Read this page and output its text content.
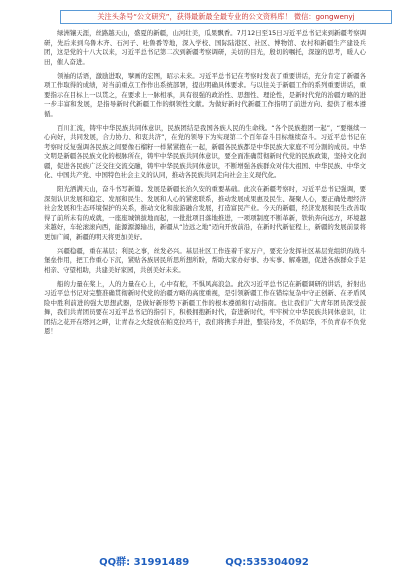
关注头条号“公文研究”，获得最新最全最专业的公文资料库！ 微信：gongwenyj

绿洲镶天涯，丝路越天山，盛夏的新疆，山河壮美，瓜果飘香。7月12日至15日习近平总书记来到新疆考察调研，先后来到乌鲁木齐、石河子、吐鲁番等地，深入学校、国际陆港区、社区、博物馆、农村和新疆生产建设兵团，这是党的十八大以来，习近平总书记第二次到新疆考察调研，关切的目光，殷切的嘱托，深邃的思考，暖人心田，催人奋进。

领袖的话语，激励进取，擘画的宏图，昭示未来。习近平总书记在考察时发表了重要讲话，充分肯定了新疆各项工作取得的成绩，对当前重点工作作出系统部署，提出明确具体要求。与以往关于新疆工作的系列重要讲话，重要指示在目标上一以贯之，在要求上一脉相承，具有很强的政治性、思想性、理论性，是新时代党的治疆方略的进一步丰富和发展，是指导新时代新疆工作的纲领性文献。为做好新时代新疆工作指明了前进方向、提供了根本遵循。

百川汇流，铸牢中华民族共同体意识，民族团结是我国各族人民的生命线。“各个民族抱团一起”，“要继续一心向好，共同发展，合力协力、和衷共济”，在党的领导下为实现第二个百年奋斗目标继续奋斗。习近平总书记在考察时反复强调各民族之间要像石榴籽一样紧紧抱在一起，新疆各民族都是中华民族大家庭不可分割的成员。中华文明是新疆各民族文化的根脉所在，铸牢中华民族共同体意识，要全面准确贯彻新时代党的民族政策，坚持文化润疆，促进各民族广泛交往交流交融，铸牢中华民族共同体意识，不断增强各族群众对伟大祖国、中华民族、中华文化、中国共产党、中国特色社会主义的认同，推动各民族共同走向社会主义现代化。

阳光洒满天山，奋斗书写新篇。发展是新疆长治久安的重要基础。此次在新疆考察时，习近平总书记强调，要深刻认识发展和稳定、发展和民生、发展和人心的紧密联系，推动发展成果惠及民生、凝聚人心，要正确处理经济社会发展和生态环境保护的关系，推动文化和旅游融合发展，打造富民产业。今天的新疆，经济发展和民生改善取得了前所未有的成就，一座座城镇拔地而起，一批批项目落地推进，一项项制度不断革新，铁轨奔向远方，环境越来越好，车轮滚滚向西，能源源源输出，新疆从“边远之地”迈向开放前沿，在新时代新征程上，新疆的发展前景将更加广阔，新疆的明天将更加美好。

兴疆稳疆，重在基层；利民之事，丝发必兴。基层社区工作连着千家万户，要充分发挥社区基层党组织的战斗堡垒作用，把工作重心下沉，紧贴各族居民所思所想所盼，帮助大家办好事、办实事、解难题，促进各族群众手足相亲、守望相助，共建美好家园，共创美好未来。

船的力量在桨上，人的力量在心上，心中有舵，不惧风高浪急。此次习近平总书记在新疆调研的讲话，折射出习近平总书记对完整准确贯彻新时代党的治疆方略的高度重视，是引领新疆工作在错综复杂中守正创新、在矛盾风险中胜利前进的强大思想武器，是做好新形势下新疆工作的根本遵循和行动指南。也让我们广大青年团员深受鼓舞，我们共青团员要在习近平总书记的指引下，积极拥抱新时代，奋进新时代，牢牢树立中华民族共同体意识，让团结之花开在塔河之畔，让青春之火绽放在帕克拉玛干，我们将携手并进，整装待发，不负昭华，不负青春不负党恩！

QQ群: 31991489	QQ:535304092
